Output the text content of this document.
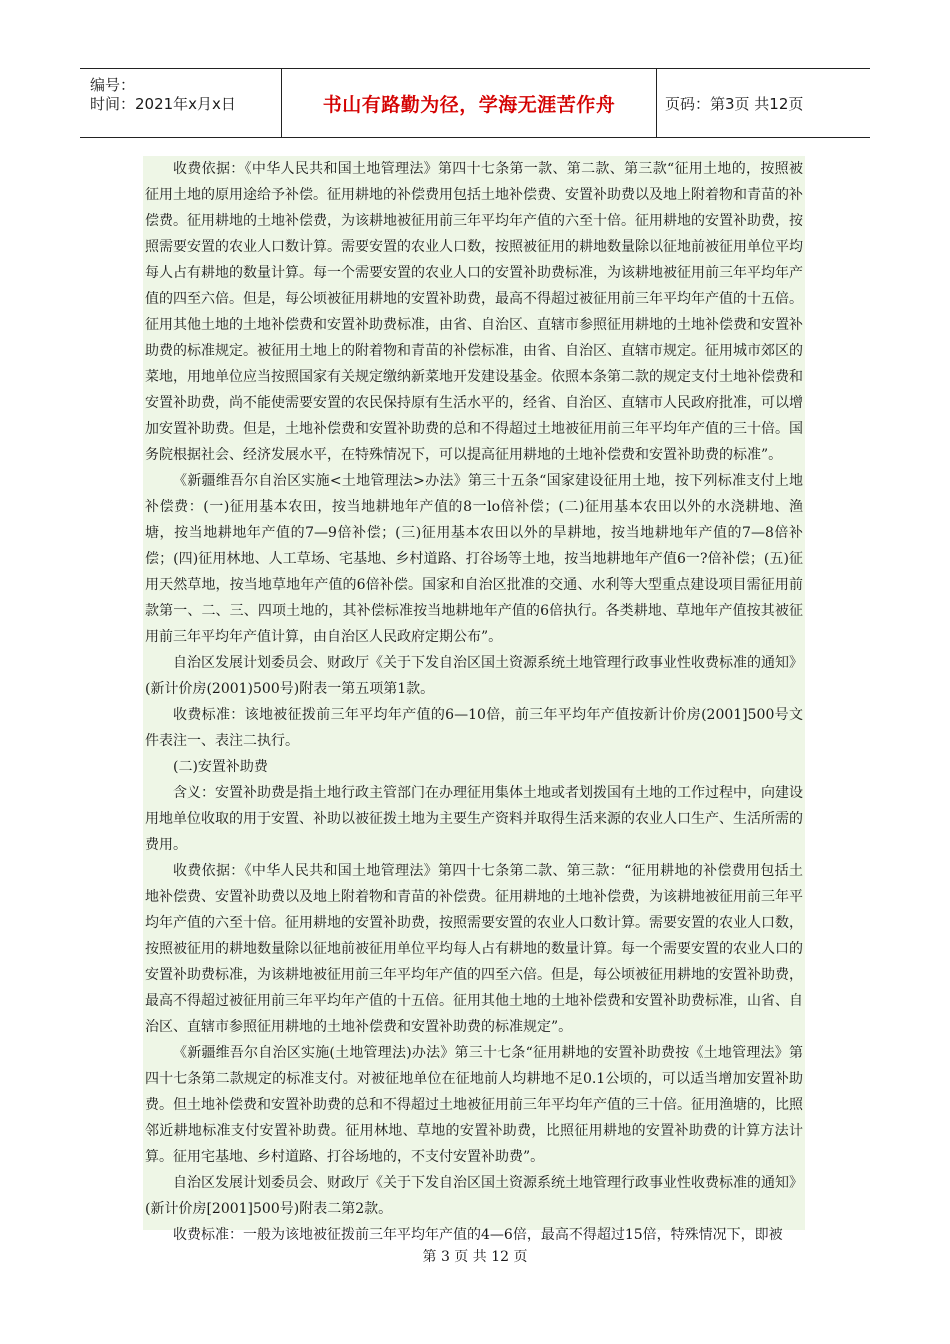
编号：
时间：2021年x月x日	书山有路勤为径，学海无涯苦作舟	页码：第3页 共12页

收费依据：《中华人民共和国土地管理法》第四十七条第一款、第二款、第三款“征用土地的，按照被征用土地的原用途给予补偿。征用耕地的补偿费用包括土地补偿费、安置补助费以及地上附着物和青苗的补偿费。征用耕地的土地补偿费，为该耕地被征用前三年平均年产值的六至十倍。征用耕地的安置补助费，按照需要安置的农业人口数计算。需要安置的农业人口数，按照被征用的耕地数量除以征地前被征用单位平均每人占有耕地的数量计算。每一个需要安置的农业人口的安置补助费标准，为该耕地被征用前三年平均年产值的四至六倍。但是，每公顷被征用耕地的安置补助费，最高不得超过被征用前三年平均年产值的十五倍。征用其他土地的土地补偿费和安置补助费标准，由省、自治区、直辖市参照征用耕地的土地补偿费和安置补助费的标准规定。被征用土地上的附着物和青苗的补偿标准，由省、自治区、直辖市规定。征用城市郊区的菜地，用地单位应当按照国家有关规定缴纳新菜地开发建设基金。依照本条第二款的规定支付土地补偿费和安置补助费，尚不能使需要安置的农民保持原有生活水平的，经省、自治区、直辖市人民政府批准，可以增加安置补助费。但是，土地补偿费和安置补助费的总和不得超过土地被征用前三年平均年产值的三十倍。国务院根据社会、经济发展水平，在特殊情况下，可以提高征用耕地的土地补偿费和安置补助费的标准”。

《新疆维吾尔自治区实施<土地管理法>办法》第三十五条“国家建设征用土地，按下列标准支付上地补偿费：(一)征用基本农田，按当地耕地年产值的8一lo倍补偿；(二)征用基本农田以外的水浇耕地、渔塘，按当地耕地年产值的7—9倍补偿；(三)征用基本农田以外的旱耕地，按当地耕地年产值的7—8倍补偿；(四)征用林地、人工草场、宅基地、乡村道路、打谷场等土地，按当地耕地年产值6一?倍补偿；(五)征用天然草地，按当地草地年产值的6倍补偿。国家和自治区批准的交通、水利等大型重点建设项目需征用前款第一、二、三、四项土地的，其补偿标准按当地耕地年产值的6倍执行。各类耕地、草地年产值按其被征用前三年平均年产值计算，由自治区人民政府定期公布”。

自治区发展计划委员会、财政厅《关于下发自治区国土资源系统土地管理行政事业性收费标准的通知》(新计价房(2001)500号)附表一第五项第1款。

收费标准：该地被征拨前三年平均年产值的6—10倍，前三年平均年产值按新计价房(2001]500号文件表注一、表注二执行。

(二)安置补助费

含义：安置补助费是指土地行政主管部门在办理征用集体土地或者划拨国有土地的工作过程中，向建设用地单位收取的用于安置、补助以被征拨土地为主要生产资料并取得生活来源的农业人口生产、生活所需的费用。

收费依据：《中华人民共和国土地管理法》第四十七条第二款、第三款：“征用耕地的补偿费用包括土地补偿费、安置补助费以及地上附着物和青苗的补偿费。征用耕地的土地补偿费，为该耕地被征用前三年平均年产值的六至十倍。征用耕地的安置补助费，按照需要安置的农业人口数计算。需要安置的农业人口数，按照被征用的耕地数量除以征地前被征用单位平均每人占有耕地的数量计算。每一个需要安置的农业人口的安置补助费标准，为该耕地被征用前三年平均年产值的四至六倍。但是，每公顷被征用耕地的安置补助费，最高不得超过被征用前三年平均年产值的十五倍。征用其他土地的土地补偿费和安置补助费标准，山省、自治区、直辖市参照征用耕地的土地补偿费和安置补助费的标准规定”。

《新疆维吾尔自治区实施(土地管理法)办法》第三十七条“征用耕地的安置补助费按《土地管理法》第四十七条第二款规定的标准支付。对被征地单位在征地前人均耕地不足0.1公顷的，可以适当增加安置补助费。但土地补偿费和安置补助费的总和不得超过土地被征用前三年平均年产值的三十倍。征用渔塘的，比照邻近耕地标准支付安置补助费。征用林地、草地的安置补助费，比照征用耕地的安置补助费的计算方法计算。征用宅基地、乡村道路、打谷场地的，不支付安置补助费”。

自治区发展计划委员会、财政厅《关于下发自治区国土资源系统土地管理行政事业性收费标准的通知》(新计价房[2001]500号)附表二第2款。

收费标准：一般为该地被征拨前三年平均年产值的4—6倍，最高不得超过15倍，特殊情况下，即被

第 3 页 共 12 页
